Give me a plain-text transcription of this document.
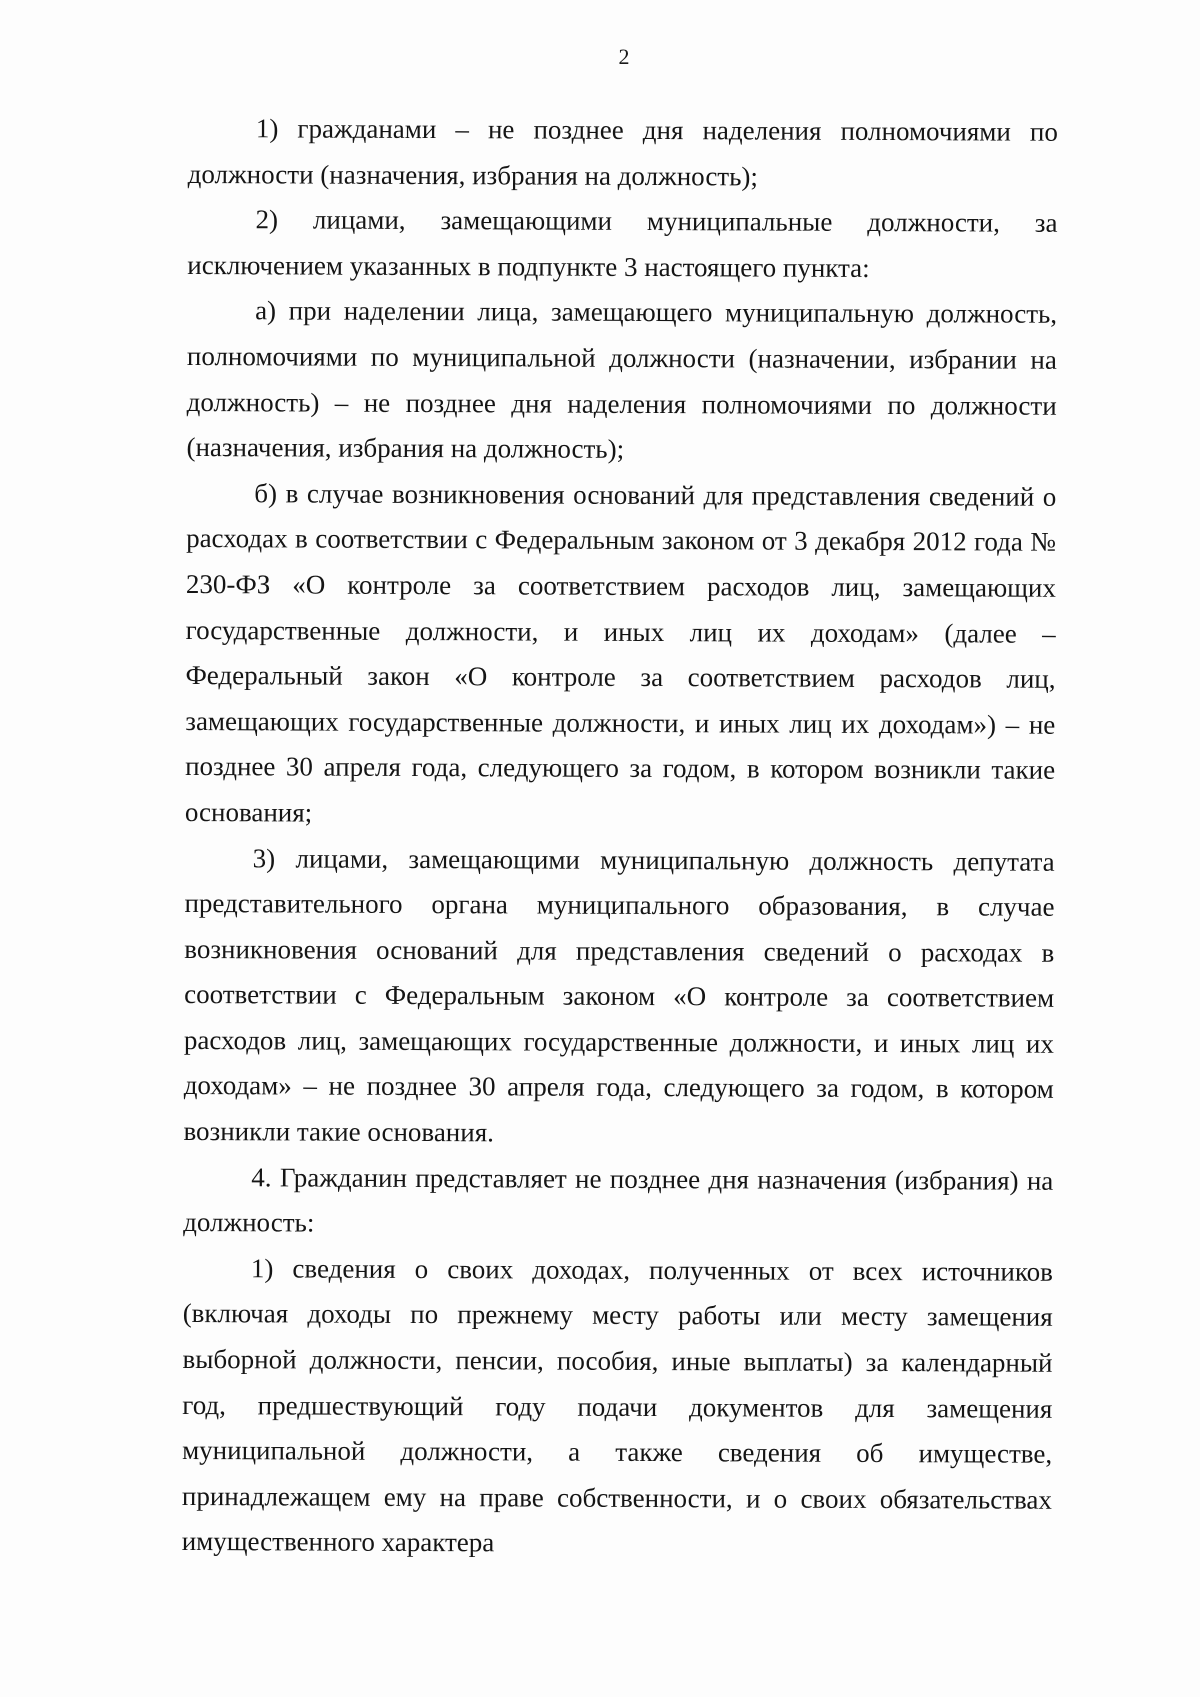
2

1) гражданами – не позднее дня наделения полномочиями по должности (назначения, избрания на должность);

2) лицами, замещающими муниципальные должности, за исключением указанных в подпункте 3 настоящего пункта:

а) при наделении лица, замещающего муниципальную должность, полномочиями по муниципальной должности (назначении, избрании на должность) – не позднее дня наделения полномочиями по должности (назначения, избрания на должность);

б) в случае возникновения оснований для представления сведений о расходах в соответствии с Федеральным законом от 3 декабря 2012 года № 230-ФЗ «О контроле за соответствием расходов лиц, замещающих государственные должности, и иных лиц их доходам» (далее – Федеральный закон «О контроле за соответствием расходов лиц, замещающих государственные должности, и иных лиц их доходам») – не позднее 30 апреля года, следующего за годом, в котором возникли такие основания;

3) лицами, замещающими муниципальную должность депутата представительного органа муниципального образования, в случае возникновения оснований для представления сведений о расходах в соответствии с Федеральным законом «О контроле за соответствием расходов лиц, замещающих государственные должности, и иных лиц их доходам» – не позднее 30 апреля года, следующего за годом, в котором возникли такие основания.

4. Гражданин представляет не позднее дня назначения (избрания) на должность:

1) сведения о своих доходах, полученных от всех источников (включая доходы по прежнему месту работы или месту замещения выборной должности, пенсии, пособия, иные выплаты) за календарный год, предшествующий году подачи документов для замещения муниципальной должности, а также сведения об имуществе, принадлежащем ему на праве собственности, и о своих обязательствах имущественного характера
